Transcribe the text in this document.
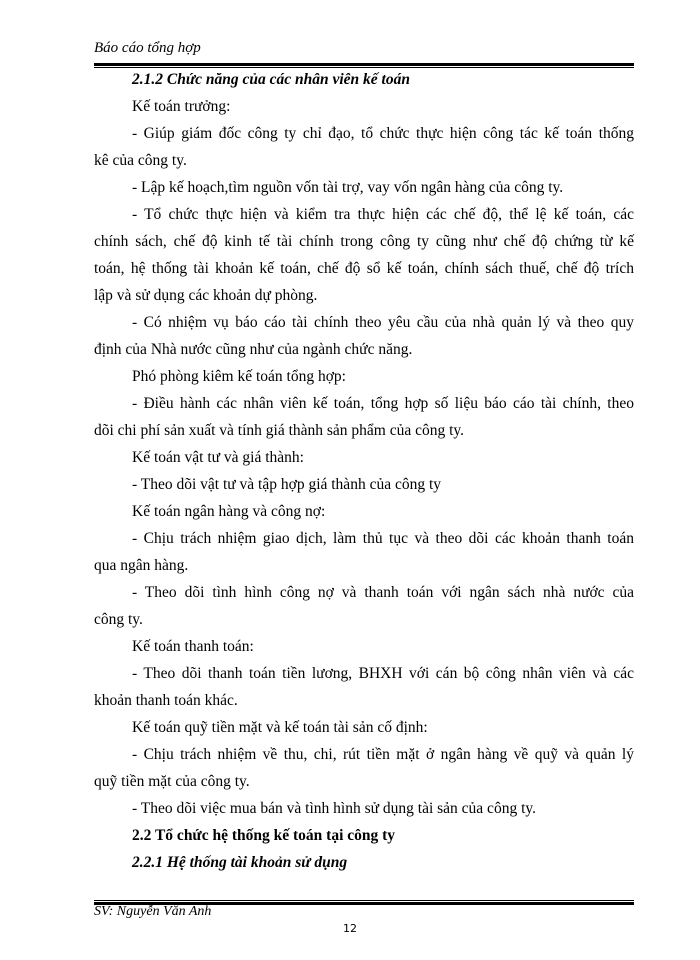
Báo cáo tổng hợp
2.1.2 Chức năng của các nhân viên kế toán
Kế toán trưởng:
- Giúp giám đốc công ty chỉ đạo, tổ chức thực hiện công tác kế toán thống
kê của công ty.
- Lập kế hoạch,tìm nguồn vốn tài trợ, vay vốn ngân hàng của công ty.
- Tổ chức thực hiện và kiểm tra thực hiện các chế độ, thể lệ kế toán, các
chính sách, chế độ kinh tế tài chính trong công ty cũng như chế độ chứng từ kế
toán, hệ thống tài khoản kế toán, chế độ sổ kế toán, chính sách thuế, chế độ trích
lập và sử dụng các khoản dự phòng.
- Có nhiệm vụ báo cáo tài chính theo yêu cầu của nhà quản lý và theo quy
định của Nhà nước cũng như của ngành chức năng.
Phó phòng kiêm kế toán tổng hợp:
- Điều hành các nhân viên kế toán, tổng hợp số liệu báo cáo tài chính, theo
dõi chi phí sản xuất và tính giá thành sản phẩm của công ty.
Kế toán vật tư và giá thành:
- Theo dõi vật tư và tập hợp giá thành của công ty
Kế toán ngân hàng và công nợ:
- Chịu trách nhiệm giao dịch, làm thủ tục và theo dõi các khoản thanh toán
qua ngân hàng.
- Theo dõi tình hình công nợ và thanh toán với ngân sách nhà nước của
công ty.
Kế toán thanh toán:
- Theo dõi thanh toán tiền lương, BHXH với cán bộ công nhân viên và các
khoản thanh toán khác.
Kế toán quỹ tiền mặt và kế toán tài sản cố định:
- Chịu trách nhiệm về thu, chi, rút tiền mặt ở ngân hàng về quỹ và quản lý
quỹ tiền mặt của công ty.
- Theo dõi việc mua bán và tình hình sử dụng tài sản của công ty.
2.2 Tổ chức hệ thống kế toán tại công ty
2.2.1 Hệ thống tài khoản sử dụng
SV: Nguyễn Văn Anh
12
